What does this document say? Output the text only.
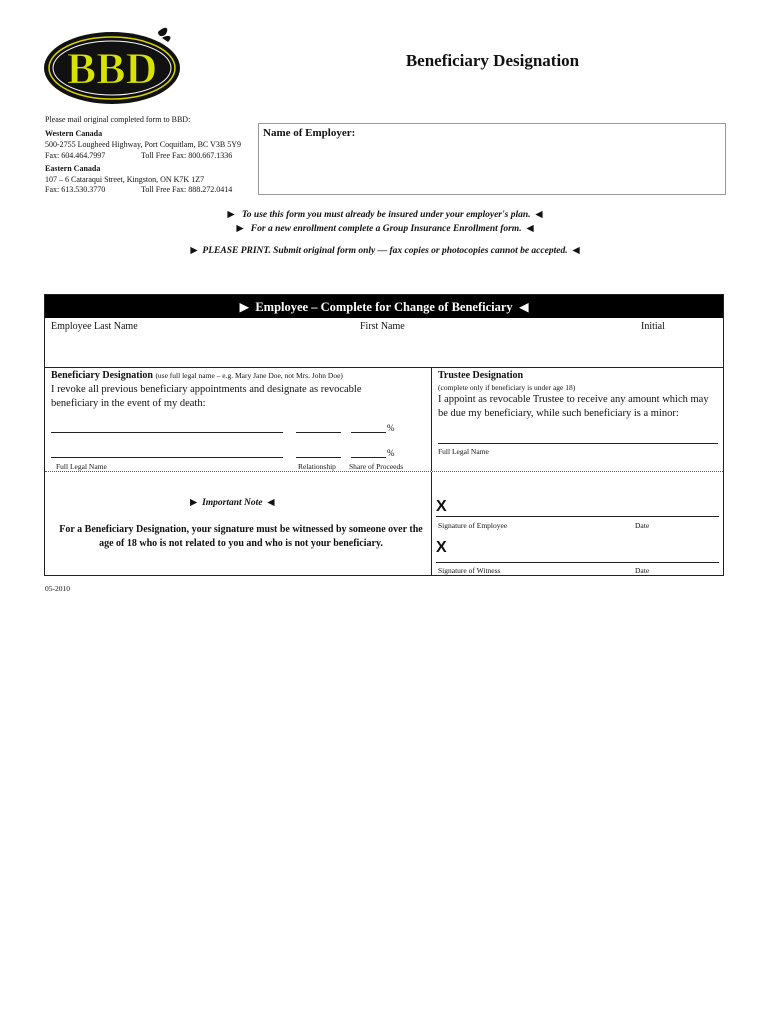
BBD	Beneficiary Designation
Please mail original completed form to BBD:
Western Canada
500-2755 Lougheed Highway, Port Coquitlam, BC V3B 5Y9
Fax: 604.464.7997	Toll Free Fax: 800.667.1336
Eastern Canada
107 – 6 Cataraqui Street, Kingston, ON K7K 1Z7
Fax: 613.530.3770	Toll Free Fax: 888.272.0414
Name of Employer:
▶ To use this form you must already be insured under your employer's plan. ◀
▶ For a new enrollment complete a Group Insurance Enrollment form. ◀
▶ PLEASE PRINT. Submit original form only — fax copies or photocopies cannot be accepted. ◀
▶ Employee – Complete for Change of Beneficiary ◀
Employee Last Name	First Name	Initial
Beneficiary Designation (use full legal name – e.g. Mary Jane Doe, not Mrs. John Doe)
I revoke all previous beneficiary appointments and designate as revocable beneficiary in the event of my death:
%
%
Full Legal Name	Relationship Share of Proceeds
Trustee Designation
(complete only if beneficiary is under age 18)
I appoint as revocable Trustee to receive any amount which may be due my beneficiary, while such beneficiary is a minor:
Full Legal Name
▶ Important Note ◀
For a Beneficiary Designation, your signature must be witnessed by someone over the age of 18 who is not related to you and who is not your beneficiary.
X
Signature of Employee	Date
X
Signature of Witness	Date
05-2010
